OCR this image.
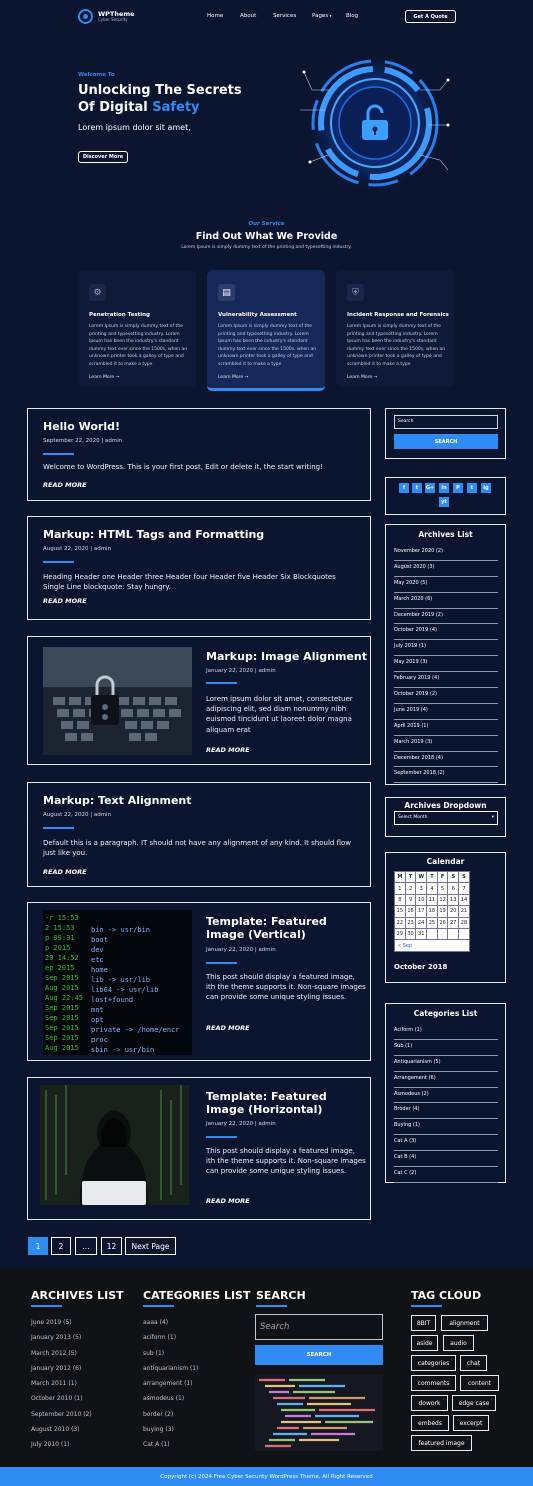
WPTheme
Cyber Security
Home	About	Services	Pages ▾	Blog	Get A Quote
Welcome To
Unlocking The Secrets
Of Digital Safety
Lorem ipsum dolor sit amet,
Discover More
Our Service
Find Out What We Provide
Lorem Ipsum is simply dummy text of the printing and typesetting industry.
⚙
Penetration Testing
Lorem Ipsum is simply dummy text of the printing and typesetting industry. Lorem Ipsum has been the industry's standard dummy text ever since the 1500s, when an unknown printer took a galley of type and scrambled it to make a type
Learn More →
▤
Vulnerability Assessment
Lorem Ipsum is simply dummy text of the printing and typesetting industry. Lorem Ipsum has been the industry's standard dummy text ever since the 1500s, when an unknown printer took a galley of type and scrambled it to make a type
Learn More →
⛨
Incident Response and Forensics
Lorem Ipsum is simply dummy text of the printing and typesetting industry. Lorem Ipsum has been the industry's standard dummy text ever since the 1500s, when an unknown printer took a galley of type and scrambled it to make a type
Learn More →
Hello World!
September 22, 2020 | admin
Welcome to WordPress. This is your first post, Edit or delete it, the start writing!
READ MORE
Markup: HTML Tags and Formatting
August 22, 2020 | admin
Heading Header one Header three Header four Header five Header Six Blockquotes Single Line blockquote: Stay hungry.
READ MORE
Markup: Image Alignment
January 22, 2020 | admin
Lorem ipsum dolor sit amet, consectetuer adipiscing elit, sed diam nonummy nibh euismod tincidunt ut laoreet dolor magna aliquam erat
READ MORE
Markup: Text Alignment
August 22, 2020 | admin
Default this is a paragraph. IT should not have any alignment of any kind. It should flow just like you.
READ MORE
-r 15:53
2 15:53
p 09:31
p 2015
20 14:52
ep 2015
Sep 2015
Aug 2015
Aug 22:45
Sep 2015
Sep 2015
Sep 2015
Sep 2015
Aug 2015
bin -> usr/bin
boot
dev
etc
home
lib -> usr/lib
lib64 -> usr/lib
lost+found
mnt
opt
private -> /home/encr
proc
sbin -> usr/bin
Template: Featured Image (Vertical)
January 22, 2020 | admin
This post should display a featured image, ith the theme supports it. Non-square images can provide some unique styling issues.
READ MORE
Template: Featured Image (Horizontal)
January 22, 2020 | admin
This post should display a featured image, ith the theme supports it. Non-square images can provide some unique styling issues.
READ MORE
Search
SEARCH
f	t	G+	in	P	t	ig
yt
Archives List
November 2020 (2)
August 2020 (3)
May 2020 (5)
March 2020 (6)
December 2019 (2)
October 2019 (4)
July 2019 (1)
May 2019 (3)
February 2019 (4)
October 2019 (2)
June 2019 (4)
April 2019 (1)
March 2019 (3)
December 2018 (4)
September 2018 (2)
Archives Dropdown
Select Month	▾
Calendar
M	T	W	T	F	S	S
1	2	3	4	5	6	7
8	9	10	11	12	13	14
15	16	17	18	19	20	21
22	23	24	25	26	27	28
29	30	31				
« Sep						
October 2018
Categories List
Aciform (1)
Sub (1)
Antiquarianism (5)
Arrangement (6)
Asmodeus (2)
Broder (4)
Buying (1)
Cat A (3)
Cat B (4)
Cat C (2)
1	2	...	12	Next Page
ARCHIVES LIST
June 2019 (5)
January 2013 (5)
March 2012 (5)
January 2012 (6)
March 2011 (1)
October 2010 (1)
September 2010 (2)
August 2010 (3)
July 2010 (1)
CATEGORIES LIST
aaaa (4)
aciform (1)
sub (1)
antiquarianism (1)
arrangement (1)
asmodeus (1)
border (2)
buying (3)
Cat A (1)
SEARCH
Search
SEARCH
TAG CLOUD
8BIT	alignment
aside	audio
categories	chat
comments	content
dowork	edge case
embeds	excerpt
featured image
Copyright (c) 2024 Free Cyber Security WordPress Theme. All Right Reserved
